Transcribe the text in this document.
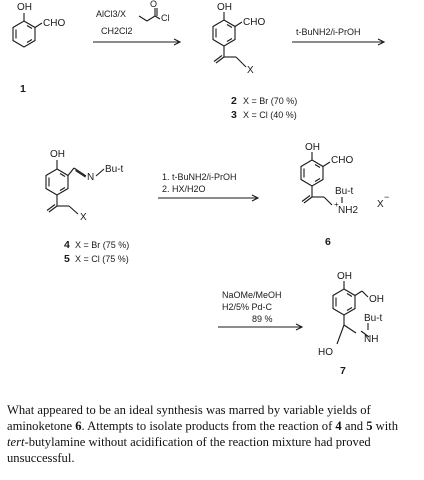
OH
CHO
1
AlCl3/X
O
Cl
CH2Cl2
OH
CHO
X
2 X = Br (70 %)
3 X = Cl (40 %)
t-BuNH2/i-PrOH
OH
N
Bu-t
X
4 X = Br (75 %)
5 X = Cl (75 %)
1. t-BuNH2/i-PrOH
2. HX/H2O
OH
CHO
Bu-t
+
NH2
X
−
6
NaOMe/MeOH
H2/5% Pd-C
89 %
OH
OH
Bu-t
NH
HO
7

What appeared to be an ideal synthesis was marred by variable yields of aminoketone 6. Attempts to isolate products from the reaction of 4 and 5 with tert-butylamine without acidification of the reaction mixture had proved unsuccessful.
